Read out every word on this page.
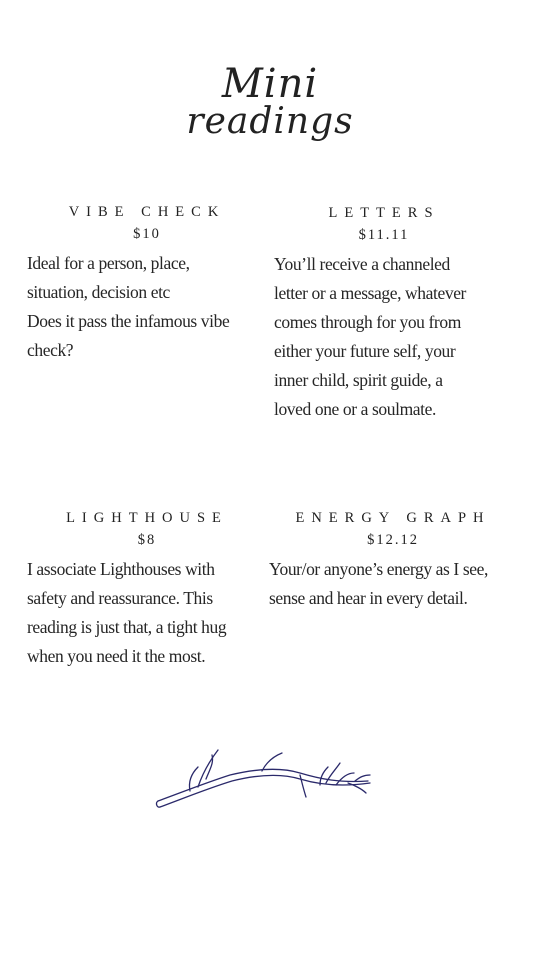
Mini
readings
VIBE CHECK
$10
Ideal for a person, place,
situation, decision etc
Does it pass the infamous vibe
check?
LETTERS
$11.11
You’ll receive a channeled
letter or a message, whatever
comes through for you from
either your future self, your
inner child, spirit guide, a
loved one or a soulmate.
LIGHTHOUSE
$8
I associate Lighthouses with
safety and reassurance. This
reading is just that, a tight hug
when you need it the most.
ENERGY GRAPH
$12.12
Your/or anyone’s energy as I see,
sense and hear in every detail.
